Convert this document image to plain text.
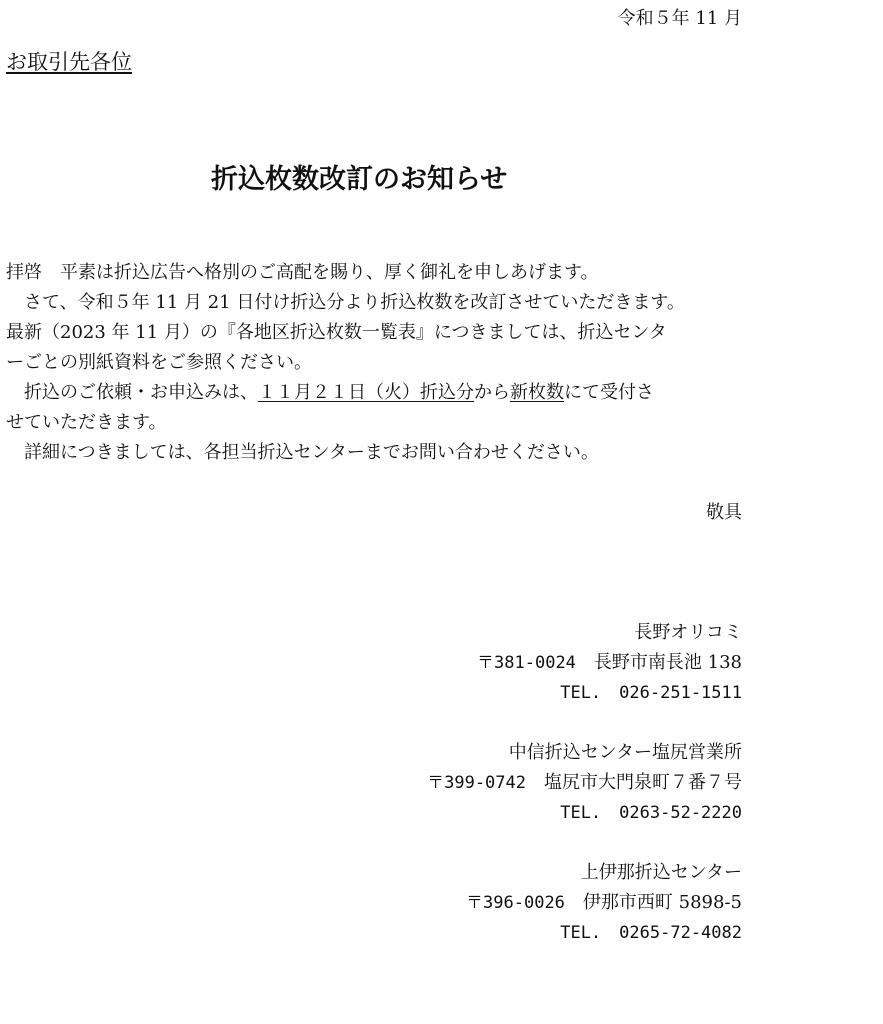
令和５年 11 月
お取引先各位
折込枚数改訂のお知らせ
拝啓　平素は折込広告へ格別のご高配を賜り、厚く御礼を申しあげます。
　さて、令和５年 11 月 21 日付け折込分より折込枚数を改訂させていただきます。
最新（2023 年 11 月）の『各地区折込枚数一覧表』につきましては、折込センタ
ーごとの別紙資料をご参照ください。
　折込のご依頼・お申込みは、１１月２１日（火）折込分から新枚数にて受付さ
せていただきます。
　詳細につきましては、各担当折込センターまでお問い合わせください。
敬具
長野オリコミ
〒381-0024 長野市南長池 138
TEL. 026-251-1511
中信折込センター塩尻営業所
〒399-0742 塩尻市大門泉町７番７号
TEL. 0263-52-2220
上伊那折込センター
〒396-0026 伊那市西町 5898-5
TEL. 0265-72-4082
